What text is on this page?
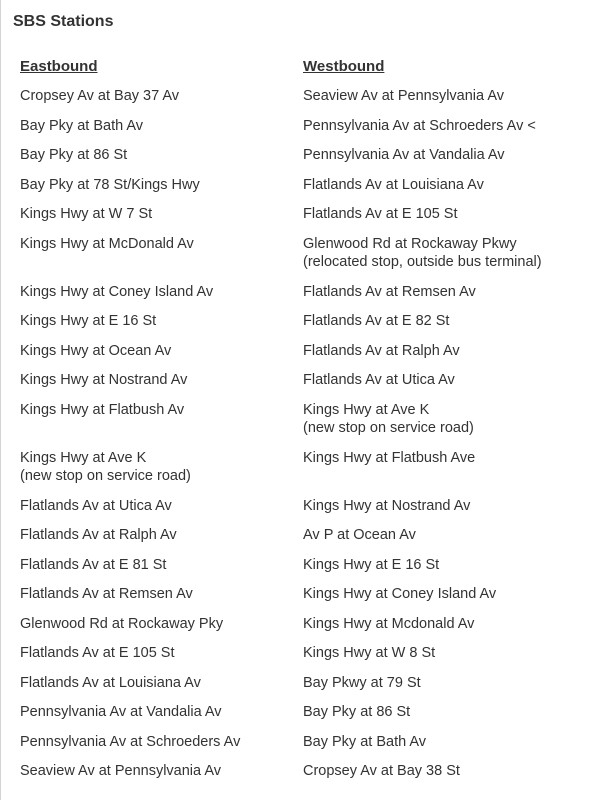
SBS Stations
Eastbound
Cropsey Av at Bay 37 Av
Bay Pky at Bath Av
Bay Pky at 86 St
Bay Pky at 78 St/Kings Hwy
Kings Hwy at W 7 St
Kings Hwy at McDonald Av
Kings Hwy at Coney Island Av
Kings Hwy at E 16 St
Kings Hwy at Ocean Av
Kings Hwy at Nostrand Av
Kings Hwy at Flatbush Av
Kings Hwy at Ave K
(new stop on service road)
Flatlands Av at Utica Av
Flatlands Av at Ralph Av
Flatlands Av at E 81 St
Flatlands Av at Remsen Av
Glenwood Rd at Rockaway Pky
Flatlands Av at E 105 St
Flatlands Av at Louisiana Av
Pennsylvania Av at Vandalia Av
Pennsylvania Av at Schroeders Av
Seaview Av at Pennsylvania Av
Westbound
Seaview Av at Pennsylvania Av
Pennsylvania Av at Schroeders Av <
Pennsylvania Av at Vandalia Av
Flatlands Av at Louisiana Av
Flatlands Av at E 105 St
Glenwood Rd at Rockaway Pkwy
(relocated stop, outside bus terminal)
Flatlands Av at Remsen Av
Flatlands Av at E 82 St
Flatlands Av at Ralph Av
Flatlands Av at Utica Av
Kings Hwy at Ave K
(new stop on service road)
Kings Hwy at Flatbush Ave
Kings Hwy at Nostrand Av
Av P at Ocean Av
Kings Hwy at E 16 St
Kings Hwy at Coney Island Av
Kings Hwy at Mcdonald Av
Kings Hwy at W 8 St
Bay Pkwy at 79 St
Bay Pky at 86 St
Bay Pky at Bath Av
Cropsey Av at Bay 38 St
